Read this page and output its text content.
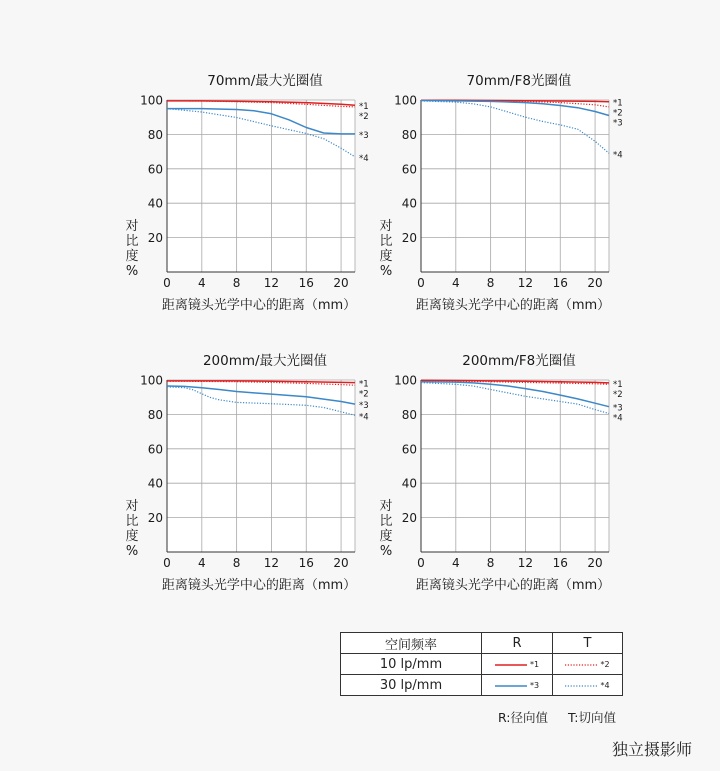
70mm/最大光圈值
20
40
60
80
100
0 4 8 12 16 20
距离镜头光学中心的距离（mm）
对
比
度
%
*1
*2
*3
*4
70mm/F8光圈值
20
40
60
80
100
0 4 8 12 16 20
距离镜头光学中心的距离（mm）
对
比
度
%
*1
*2
*3
*4
200mm/最大光圈值
20
40
60
80
100
0 4 8 12 16 20
距离镜头光学中心的距离（mm）
对
比
度
%
*1
*2
*3
*4
200mm/F8光圈值
20
40
60
80
100
0 4 8 12 16 20
距离镜头光学中心的距离（mm）
对
比
度
%
*1
*2
*3
*4
空间频率	R	T
10 lp/mm	*1	*2

30 lp/mm	*3	*4
R:径向值 T:切向值
独立摄影师
